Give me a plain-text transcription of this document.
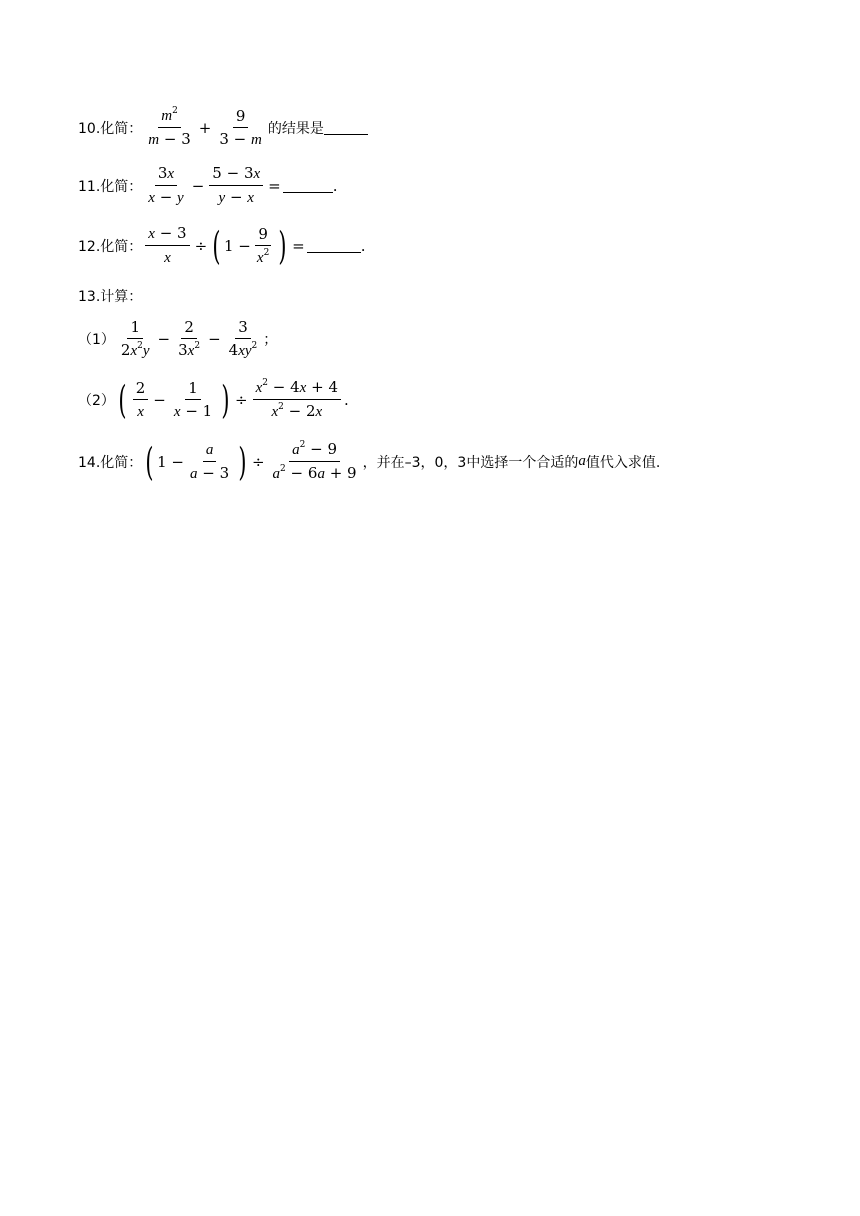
10.化简： $\frac{m^2}{m - 3} + \frac{9}{3 - m}$ 的结果是
11.化简： $\frac{3x}{x - y} - \frac{5 - 3x}{y - x}$ =	.
12.化简： $\frac{x - 3}{x}$ ÷ ( $1 - \frac{9}{x^2}$ ) =	.
13.计算：
$(1) \frac{1}{2x^2y} - \frac{2}{3x^2} - \frac{3}{4xy^2}$ ；
（2） ( $\frac{2}{x} - \frac{1}{x - 1}$ ) ÷ $\frac{x^2 - 4x + 4}{x^2 - 2x}$ .
14.化简： ( $1 - \frac{a}{a - 3}$ ) ÷ $\frac{a^2 - 9}{a^2 - 6a + 9}$ ，并在 –3，0，3 中选择一个合适的 a 值代入求值.
